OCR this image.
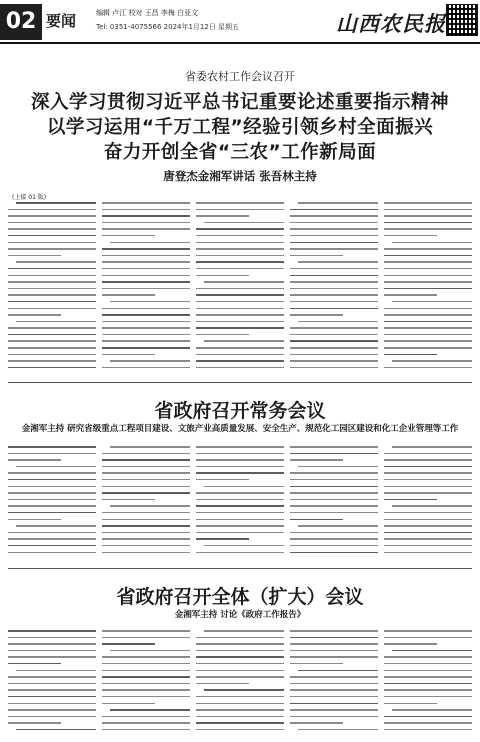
02 要闻	编辑 卢江 校对 王昌 李梅 白亚文
Tel: 0351-4075566 2024年1月12日 星期五	山西农民报
省委农村工作会议召开
深入学习贯彻习近平总书记重要论述重要指示精神
以学习运用“千万工程”经验引领乡村全面振兴
奋力开创全省“三农”工作新局面
唐登杰金湘军讲话 张吾林主持
(上接 01 版)
省政府召开常务会议
金湘军主持 研究省级重点工程项目建设、文旅产业高质量发展、安全生产、规范化工园区建设和化工企业管理等工作
省政府召开全体（扩大）会议
金湘军主持 讨论《政府工作报告》
